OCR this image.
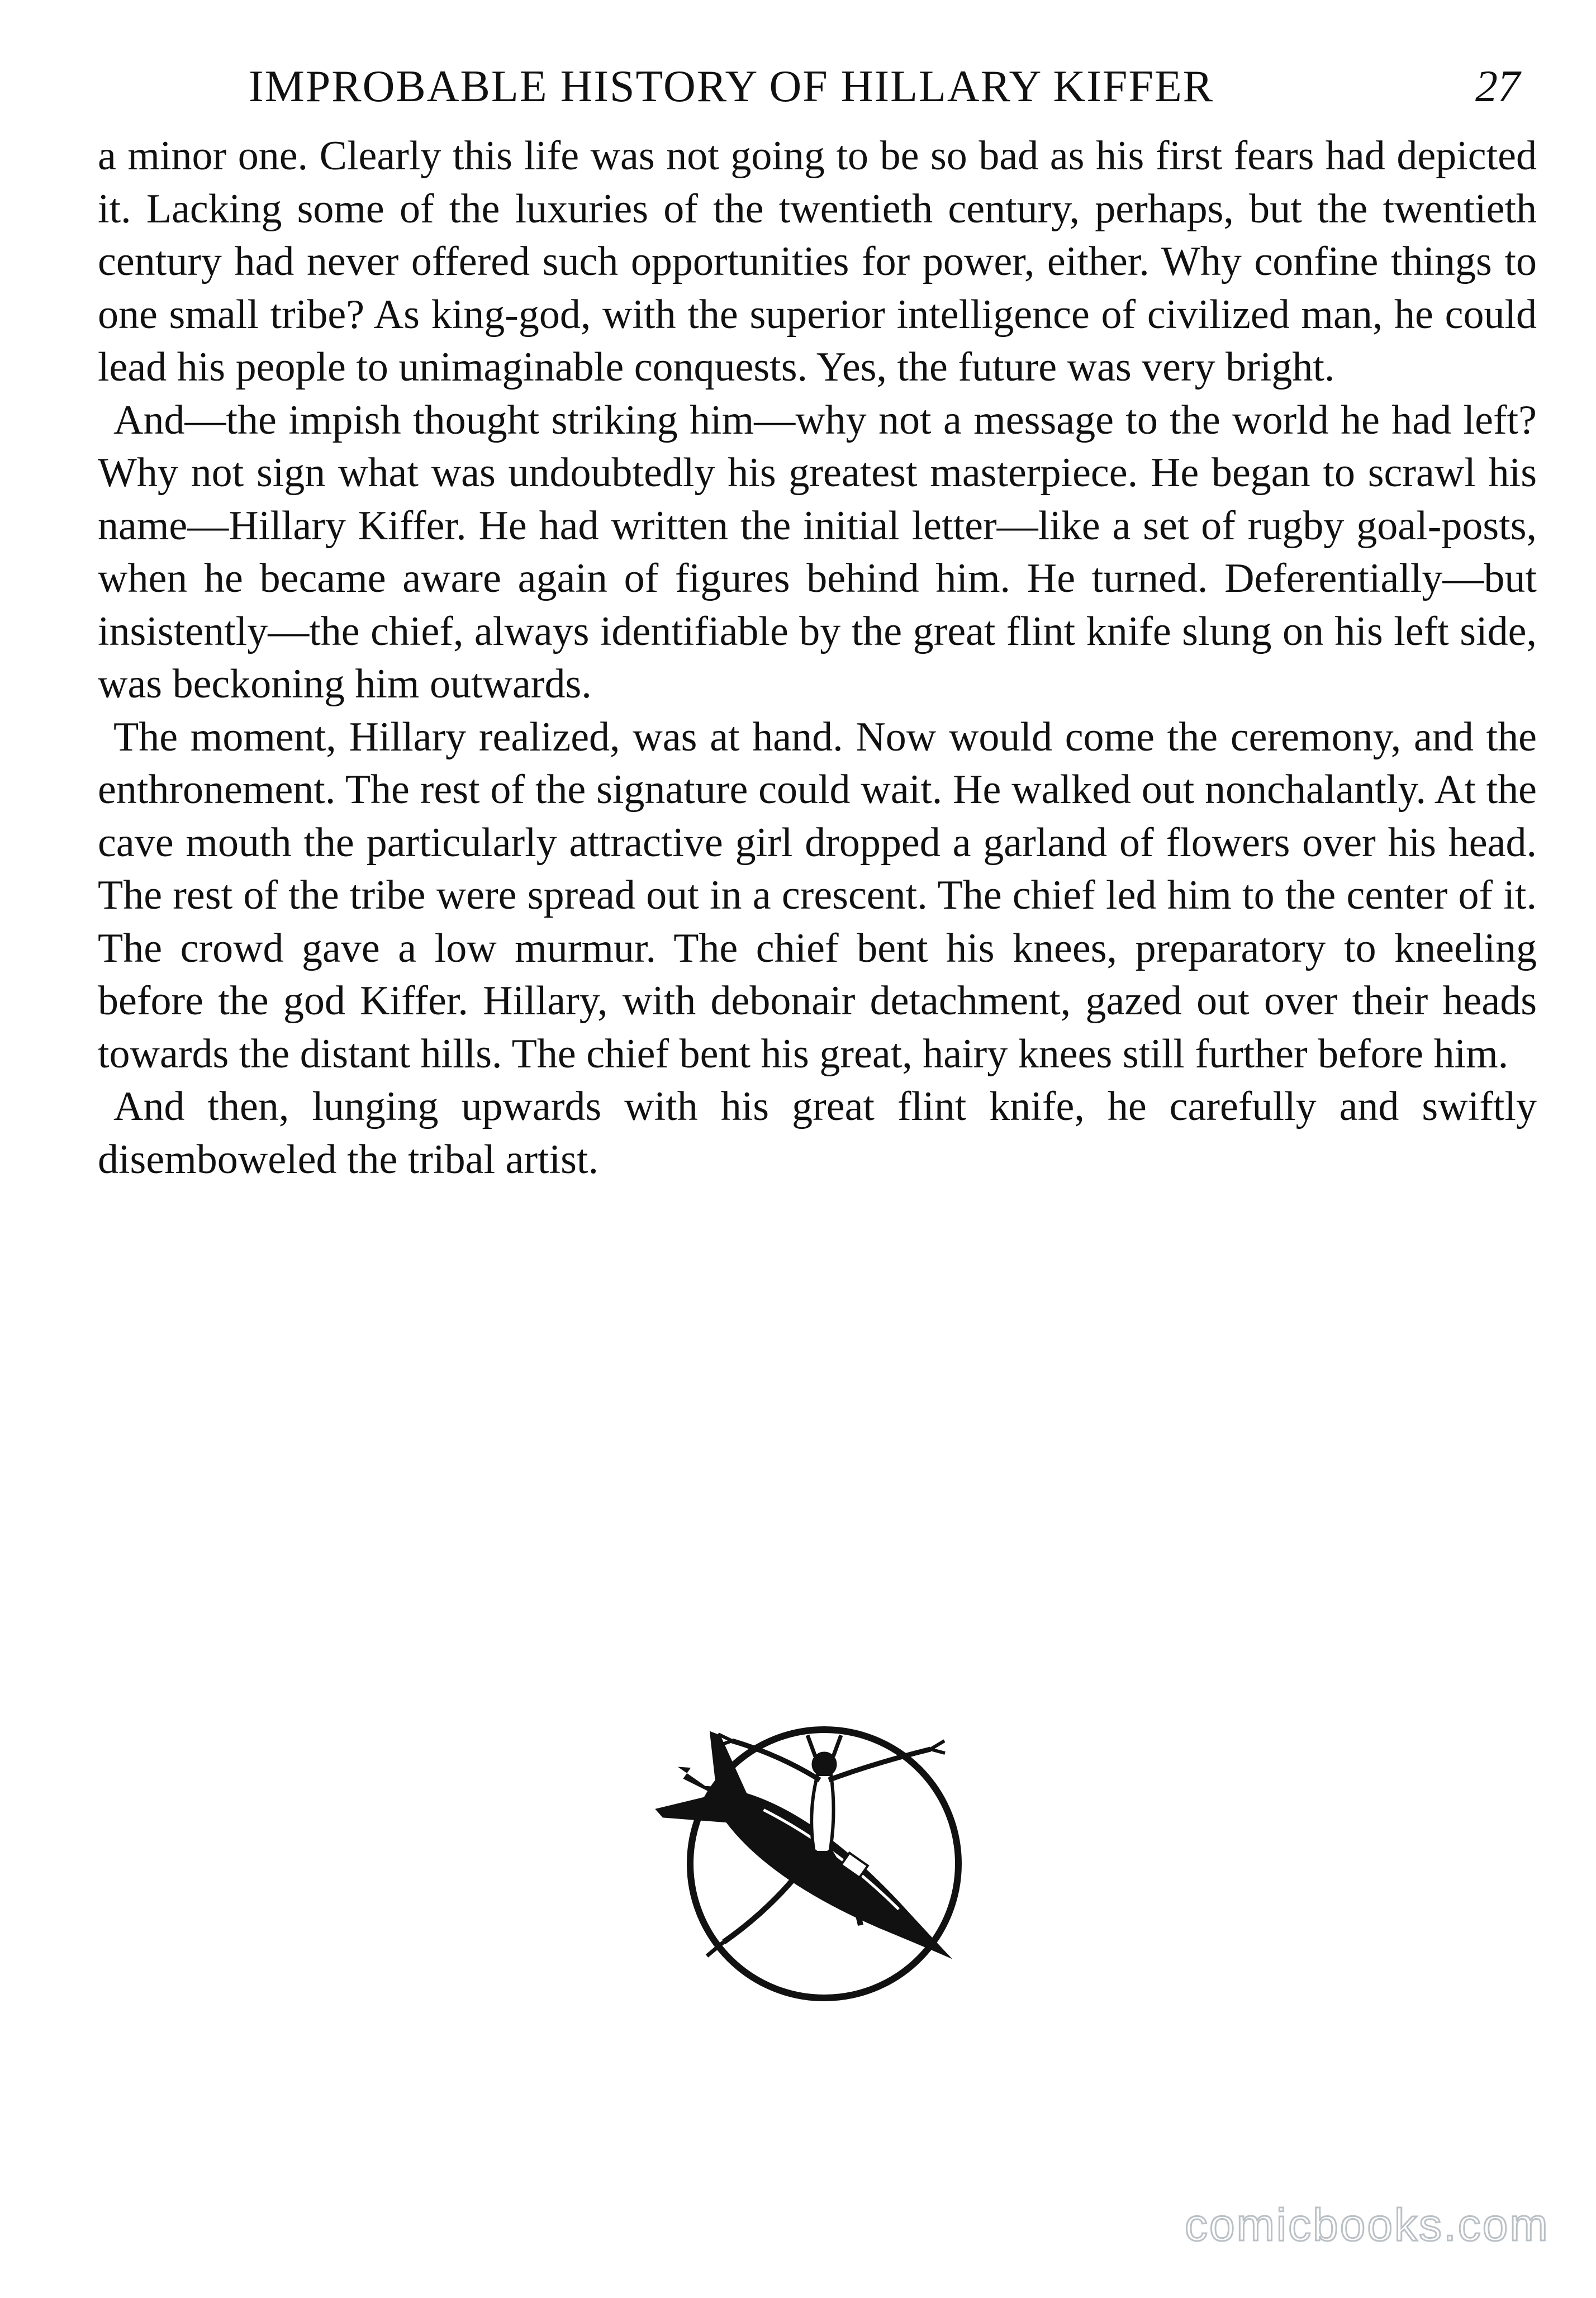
IMPROBABLE HISTORY OF HILLARY KIFFER	27

a minor one. Clearly this life was not going to be so bad as his first fears had depicted it. Lacking some of the luxuries of the twentieth century, perhaps, but the twentieth century had never offered such opportunities for power, either. Why confine things to one small tribe? As king-god, with the superior intelligence of civilized man, he could lead his people to unimaginable conquests. Yes, the future was very bright.

And—the impish thought striking him—why not a message to the world he had left? Why not sign what was undoubtedly his greatest masterpiece. He began to scrawl his name—Hillary Kiffer. He had written the initial letter—like a set of rugby goal-posts, when he became aware again of figures behind him. He turned. Deferentially—but insistently—the chief, always identifiable by the great flint knife slung on his left side, was beckoning him outwards.

The moment, Hillary realized, was at hand. Now would come the ceremony, and the enthronement. The rest of the signature could wait. He walked out nonchalantly. At the cave mouth the particularly attractive girl dropped a garland of flowers over his head. The rest of the tribe were spread out in a crescent. The chief led him to the center of it. The crowd gave a low murmur. The chief bent his knees, preparatory to kneeling before the god Kiffer. Hillary, with debonair detachment, gazed out over their heads towards the distant hills. The chief bent his great, hairy knees still further before him.

And then, lunging upwards with his great flint knife, he carefully and swiftly disemboweled the tribal artist.

comicbooks.com
